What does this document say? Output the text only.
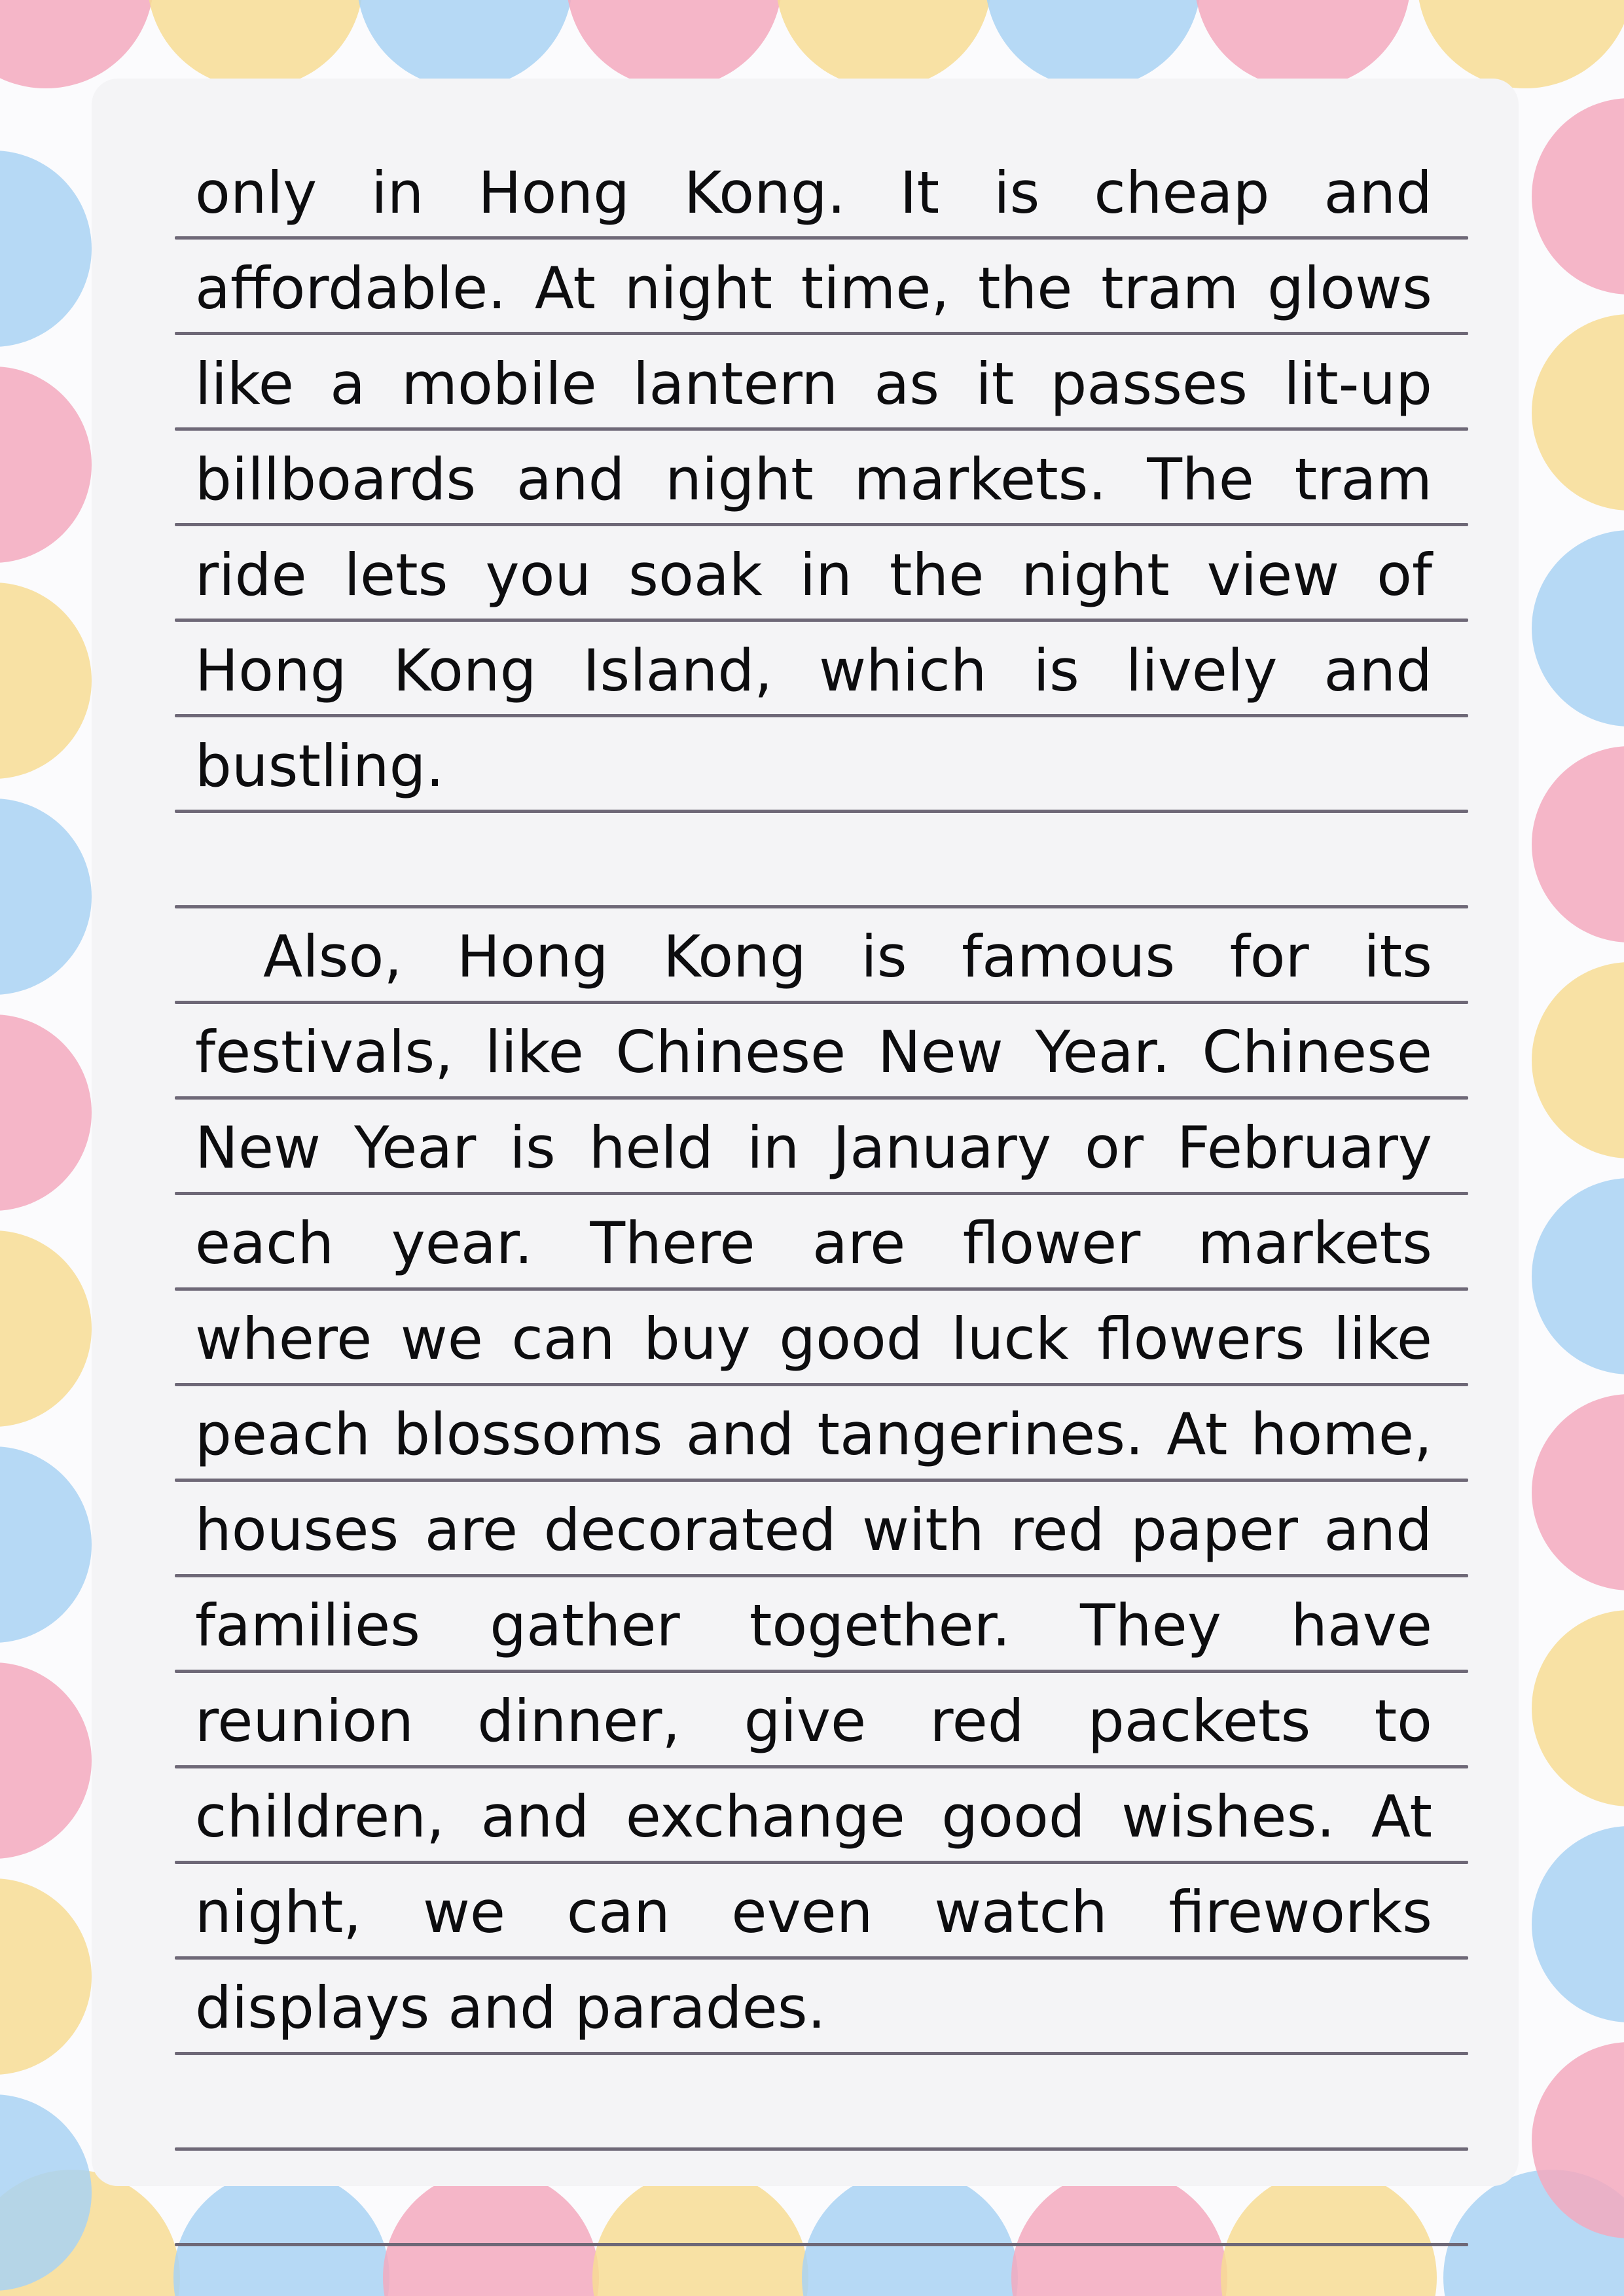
only in Hong Kong. It is cheap and
affordable. At night time, the tram glows
like a mobile lantern as it passes lit-up
billboards and night markets. The tram
ride lets you soak in the night view of
Hong Kong Island, which is lively and
bustling.
Also, Hong Kong is famous for its
festivals, like Chinese New Year. Chinese
New Year is held in January or February
each year. There are flower markets
where we can buy good luck flowers like
peach blossoms and tangerines. At home,
houses are decorated with red paper and
families gather together. They have
reunion dinner, give red packets to
children, and exchange good wishes. At
night, we can even watch fireworks
displays and parades.
